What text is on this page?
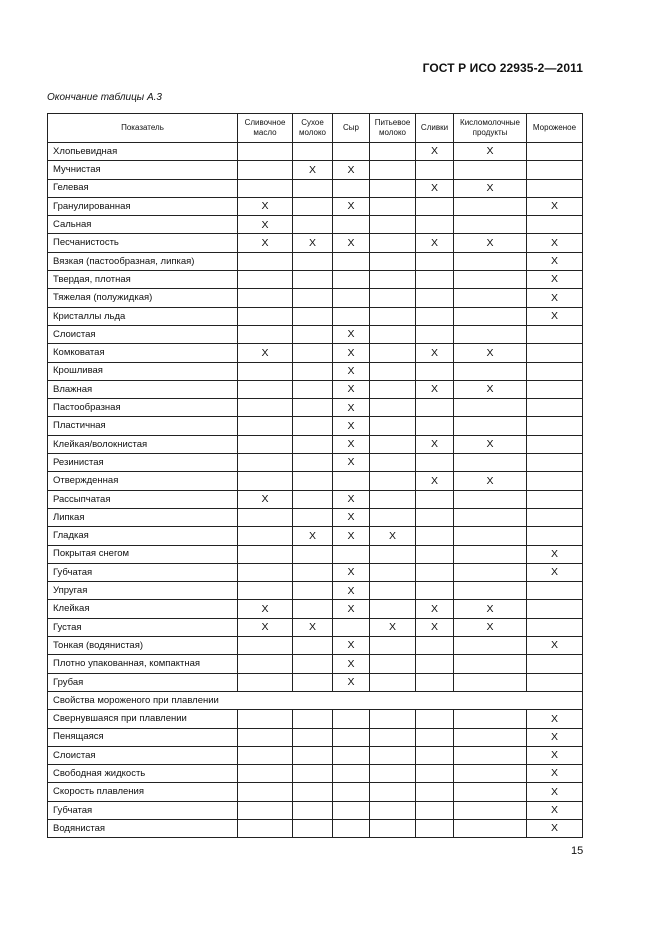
ГОСТ Р ИСО 22935-2—2011
Окончание таблицы А.3
Показатель	Сливочное масло	Сухое молоко	Сыр	Питьевое молоко	Сливки	Кисломолочные продукты	Мороженое
Хлопьевидная					X	X	
Мучнистая		X	X				
Гелевая					X	X	
Гранулированная	X		X				X
Сальная	X						
Песчанистость	X	X	X		X	X	X
Вязкая (пастообразная, липкая)							X
Твердая, плотная							X
Тяжелая (полужидкая)							X
Кристаллы льда							X
Слоистая			X				
Комковатая	X		X		X	X	
Крошливая			X				
Влажная			X		X	X	
Пастообразная			X				
Пластичная			X				
Клейкая/волокнистая			X		X	X	
Резинистая			X				
Отвержденная					X	X	
Рассыпчатая	X		X				
Липкая			X				
Гладкая		X	X	X			
Покрытая снегом							X
Губчатая			X				X
Упругая			X				
Клейкая	X		X		X	X	
Густая	X	X		X	X	X	
Тонкая (водянистая)			X				X
Плотно упакованная, компактная			X				
Грубая			X				
Свойства мороженого при плавлении							
Свернувшаяся при плавлении							X
Пенящаяся							X
Слоистая							X
Свободная жидкость							X
Скорость плавления							X
Губчатая							X
Водянистая							X
15
